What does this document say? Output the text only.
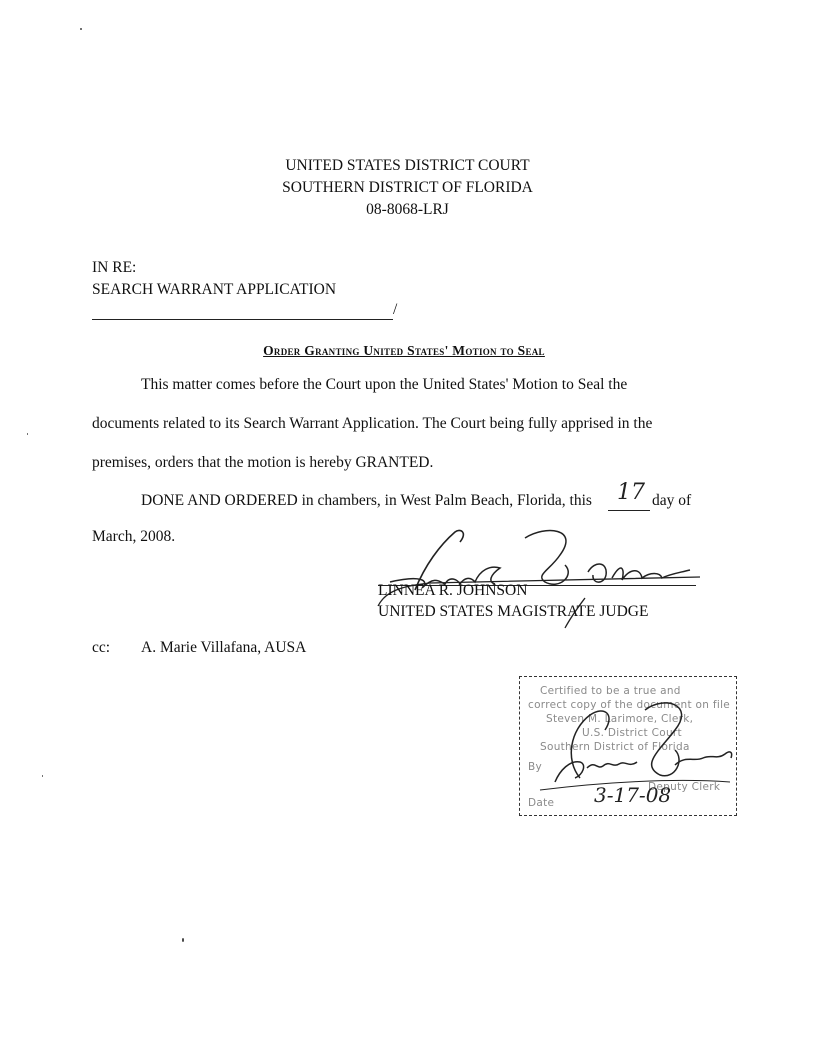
UNITED STATES DISTRICT COURT
SOUTHERN DISTRICT OF FLORIDA
08-8068-LRJ
IN RE:
SEARCH WARRANT APPLICATION
/
Order Granting United States' Motion to Seal
This matter comes before the Court upon the United States' Motion to Seal the
documents related to its Search Warrant Application. The Court being fully apprised in the
premises, orders that the motion is hereby GRANTED.
DONE AND ORDERED in chambers, in West Palm Beach, Florida, this 17 day of
March, 2008.
LINNEA R. JOHNSON
UNITED STATES MAGISTRATE JUDGE
cc: A. Marie Villafana, AUSA
Certified to be a true and
correct copy of the document on file
Steven M. Larimore, Clerk,
U.S. District Court
Southern District of Florida
By
Deputy Clerk
Date 3-17-08
